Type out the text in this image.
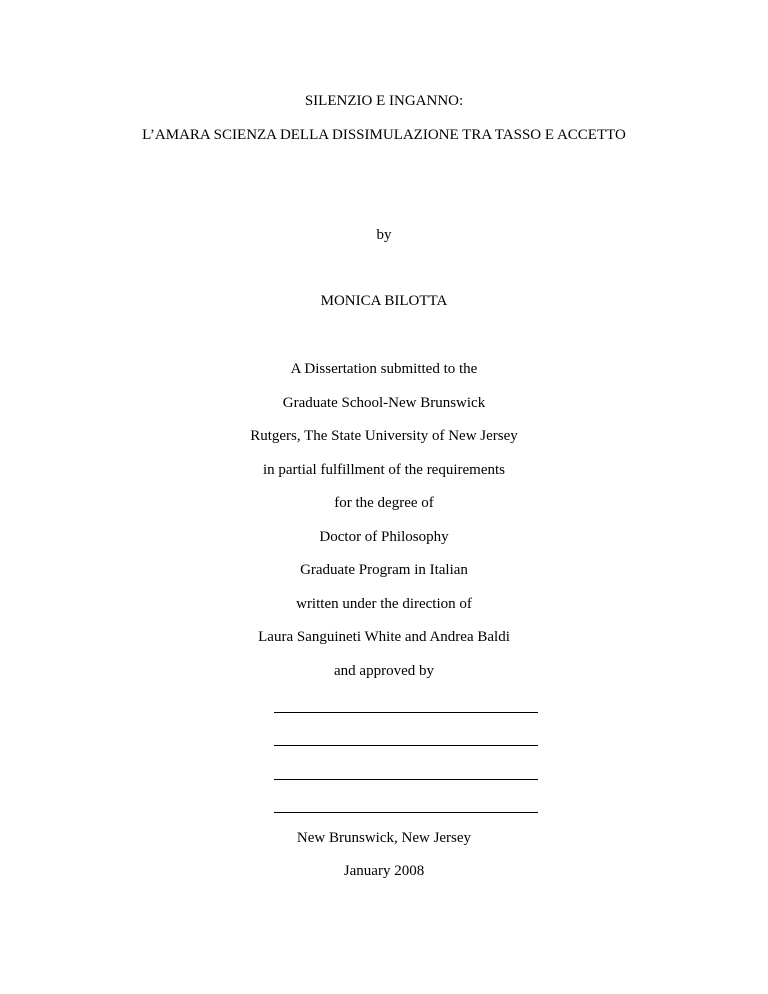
SILENZIO E INGANNO:
L’AMARA SCIENZA DELLA DISSIMULAZIONE TRA TASSO E ACCETTO
by
MONICA BILOTTA
A Dissertation submitted to the
Graduate School-New Brunswick
Rutgers, The State University of New Jersey
in partial fulfillment of the requirements
for the degree of
Doctor of Philosophy
Graduate Program in Italian
written under the direction of
Laura Sanguineti White and Andrea Baldi
and approved by
New Brunswick, New Jersey
January 2008
